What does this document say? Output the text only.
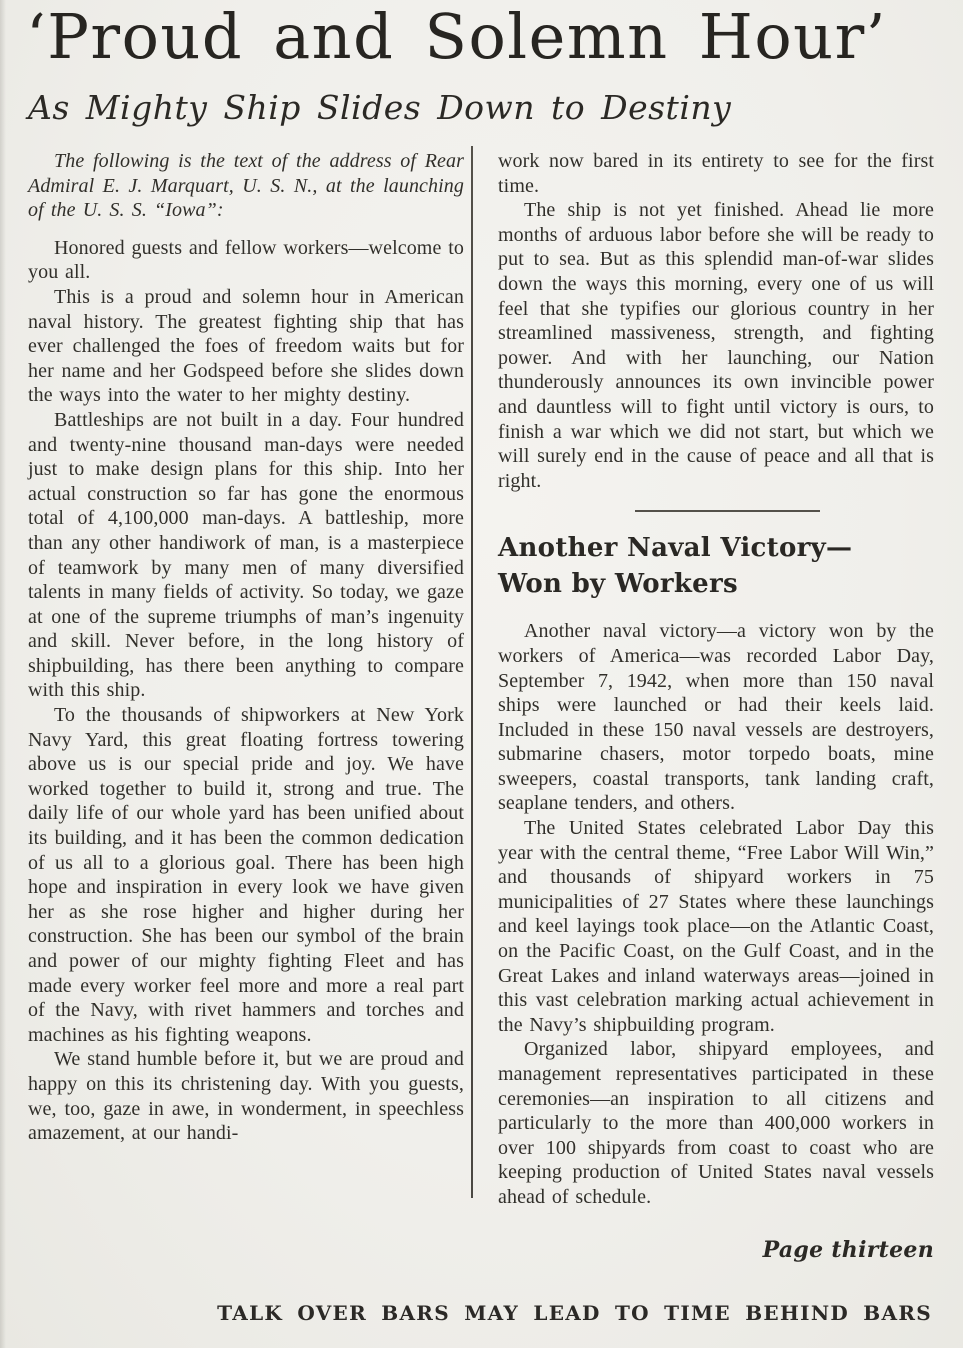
‘Proud and Solemn Hour’
As Mighty Ship Slides Down to Destiny

The following is the text of the address of Rear Admiral E. J. Marquart, U. S. N., at the launching of the U. S. S. “Iowa”:

Honored guests and fellow workers—welcome to you all.

This is a proud and solemn hour in American naval history. The greatest fighting ship that has ever challenged the foes of freedom waits but for her name and her Godspeed before she slides down the ways into the water to her mighty destiny.

Battleships are not built in a day. Four hundred and twenty-nine thousand man-days were needed just to make design plans for this ship. Into her actual construction so far has gone the enormous total of 4,100,000 man-days. A battleship, more than any other handiwork of man, is a masterpiece of teamwork by many men of many diversified talents in many fields of activity. So today, we gaze at one of the supreme triumphs of man’s ingenuity and skill. Never before, in the long history of shipbuilding, has there been anything to compare with this ship.

To the thousands of shipworkers at New York Navy Yard, this great floating fortress towering above us is our special pride and joy. We have worked together to build it, strong and true. The daily life of our whole yard has been unified about its building, and it has been the common dedication of us all to a glorious goal. There has been high hope and inspiration in every look we have given her as she rose higher and higher during her construction. She has been our symbol of the brain and power of our mighty fighting Fleet and has made every worker feel more and more a real part of the Navy, with rivet hammers and torches and machines as his fighting weapons.

We stand humble before it, but we are proud and happy on this its christening day. With you guests, we, too, gaze in awe, in wonderment, in speechless amazement, at our handi-

work now bared in its entirety to see for the first time.

The ship is not yet finished. Ahead lie more months of arduous labor before she will be ready to put to sea. But as this splendid man-of-war slides down the ways this morning, every one of us will feel that she typifies our glorious country in her streamlined massiveness, strength, and fighting power. And with her launching, our Nation thunderously announces its own invincible power and dauntless will to fight until victory is ours, to finish a war which we did not start, but which we will surely end in the cause of peace and all that is right.

Another Naval Victory—
Won by Workers

Another naval victory—a victory won by the workers of America—was recorded Labor Day, September 7, 1942, when more than 150 naval ships were launched or had their keels laid. Included in these 150 naval vessels are destroyers, submarine chasers, motor torpedo boats, mine sweepers, coastal transports, tank landing craft, seaplane tenders, and others.

The United States celebrated Labor Day this year with the central theme, “Free Labor Will Win,” and thousands of shipyard workers in 75 municipalities of 27 States where these launchings and keel layings took place—on the Atlantic Coast, on the Pacific Coast, on the Gulf Coast, and in the Great Lakes and inland waterways areas—joined in this vast celebration marking actual achievement in the Navy’s shipbuilding program.

Organized labor, shipyard employees, and management representatives participated in these ceremonies—an inspiration to all citizens and particularly to the more than 400,000 workers in over 100 shipyards from coast to coast who are keeping production of United States naval vessels ahead of schedule.

Page thirteen
TALK OVER BARS MAY LEAD TO TIME BEHIND BARS
